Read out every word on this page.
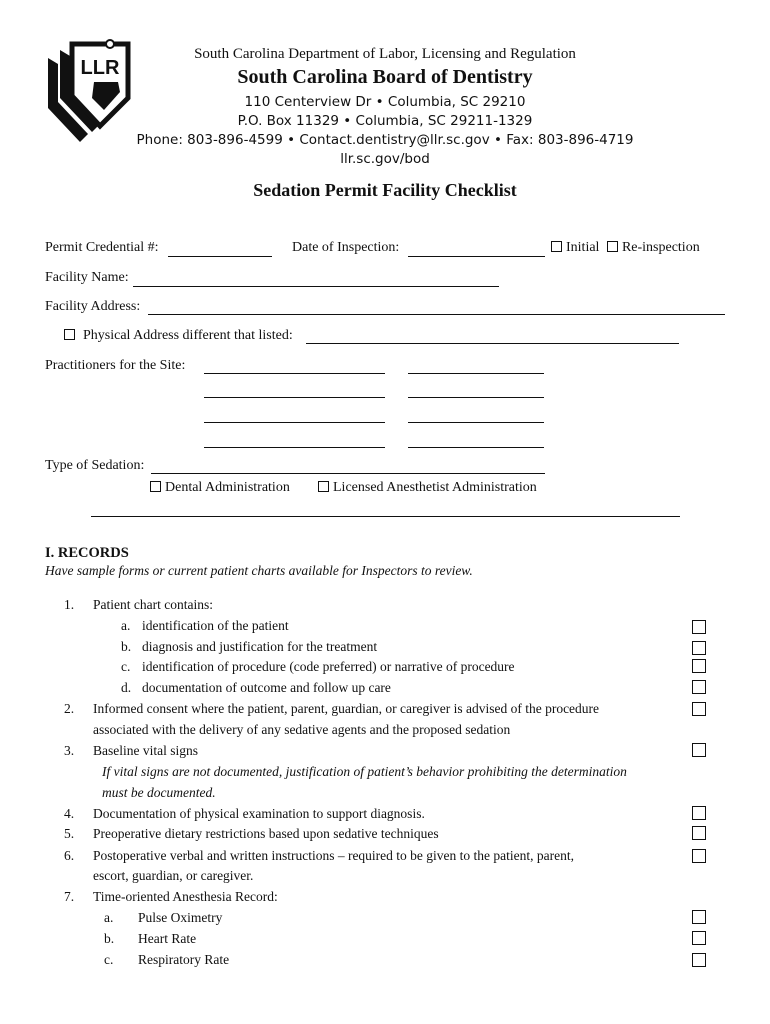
LLR
South Carolina Department of Labor, Licensing and Regulation
South Carolina Board of Dentistry
110 Centerview Dr • Columbia, SC 29210
P.O. Box 11329 • Columbia, SC 29211-1329
Phone: 803-896-4599 • Contact.dentistry@llr.sc.gov • Fax: 803-896-4719
llr.sc.gov/bod
Sedation Permit Facility Checklist
Permit Credential #:	Date of Inspection:	Initial Re-inspection
Facility Name:
Facility Address:
Physical Address different that listed:
Practitioners for the Site:
Type of Sedation:
Dental Administration	Licensed Anesthetist Administration
I. RECORDS
Have sample forms or current patient charts available for Inspectors to review.
1. Patient chart contains:
a. identification of the patient
b. diagnosis and justification for the treatment
c. identification of procedure (code preferred) or narrative of procedure
d. documentation of outcome and follow up care
2. Informed consent where the patient, parent, guardian, or caregiver is advised of the procedure
associated with the delivery of any sedative agents and the proposed sedation
3. Baseline vital signs
If vital signs are not documented, justification of patient’s behavior prohibiting the determination
must be documented.
4. Documentation of physical examination to support diagnosis.
5. Preoperative dietary restrictions based upon sedative techniques
6. Postoperative verbal and written instructions – required to be given to the patient, parent,
escort, guardian, or caregiver.
7. Time-oriented Anesthesia Record:
a. Pulse Oximetry
b. Heart Rate
c. Respiratory Rate
